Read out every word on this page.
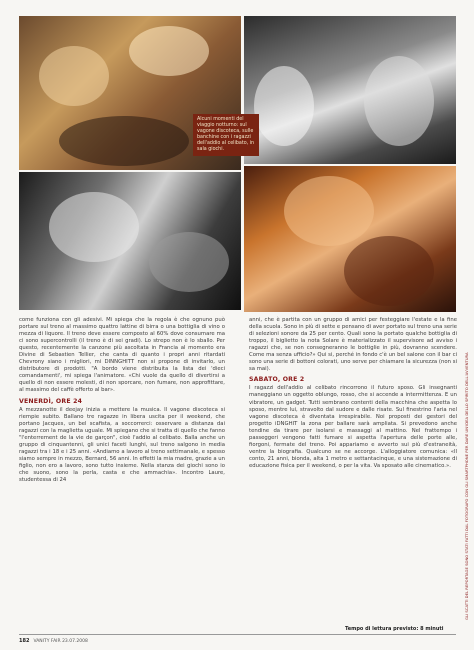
Alcuni momenti del viaggio notturno: sul vagone discoteca, sulle banchine con i ragazzi dell'addio al celibato, in sala giochi.

come funziona con gli adesivi. Mi spiega che la regola è che ognuno può portare sul treno al massimo quattro lattine di birra o una bottiglia di vino o mezza di liquore. Il treno deve essere composto al 60% dove consumare ma ci sono supercontrolli (il treno è di sei gradi). Lo strepo non è lo sballo. Per questo, recentemente la canzone più ascoltata in Francia al momento era Divine di Sebastien Tellier, che canta di quanto i propri anni ritardati Chevrony siano i migliori, mi DINNGHITT non si propone di invitarlo, un distributore di prodotti. "A bordo viene distribuita la lista dei 'dieci comandamenti', mi spiega l'animatore. «Chi vuole da quello di divertirsi a quello di non essere molesti, di non sporcare, non fumare, non approfittare, al massimo del caffè offerto al bar».

VENERDÌ, ORE 24

A mezzanotte il deejay inizia a mettere la musica. Il vagone discoteca si riempie subito. Ballano tre ragazze in libera uscita per il weekend, che portano Jacques, un bel scafista, a soccorrerci: osservare a distanza dai ragazzi con la maglietta uguale. Mi spiegano che si tratta di quello che fanno "l'enterrement de la vie de garçon", cioè l'addio al celibato. Balla anche un gruppo di cinquantenni, gli unici faceti lunghi, sul treno salgono in media ragazzi tra i 18 e i 25 anni. «Andiamo a lavoro al treno settimanale, e spesso siamo sempre in mezzo, Bernard, 56 anni. In effetti la mia madre, grazie a un figlio, non ero a lavoro, sono tutto insieme. Nella stanza dei giochi sono io che suono, sono la perla, casta e che ammachia». Incontro Laure, studentessa di 24

anni, che è partita con un gruppo di amici per festeggiare l'estate e la fine della scuola. Sono in più di sette e pensano di aver portato sul treno una serie di selezioni sonore da 25 per cento. Quali sono la portato qualche bottiglia di troppo, il biglietto la nota Solare è materializzato il supervisore ad avviso i ragazzi che, se non consegneranno le bottiglie in più, dovranno scendere. Come ma senza ufficio?» Qui si, perché in fondo c'è un bel salone con il bar ci sono una serie di bottoni colorati, uno serve per chiamare la sicurezza (non si sa mai).

SABATO, ORE 2

I ragazzi dell'addio al celibato rincorrono il futuro sposo. Gli insegnanti maneggiano un oggetto oblungo, rosso, che si accende a intermittenza. E un vibratore, un gadget. Tutti sembrano contenti della macchina che aspetta lo sposo, mentre lui, stravolto dal sudore e dalle risate. Sul finestrino l'aria nel vagone discoteca è diventata irrespirabile. Noi proposti dei gestori del progetto iDNGHIT la zona per ballare sarà ampliata. Si prevedono anche tendine da tirare per isolarsi e massaggi al mattino. Nel frattempo i passeggeri vengono fatti fumare si aspetta l'apertura delle porte alle, fiorgoni, fermate del treno. Poi appariamo e avverto sui più d'estraneità, ventre la biografia. Qualcuno se ne accorge. L'alloggiatore comunica: «Il conto, 21 anni, bionda, alta 1 metro e settantacinque, e una sistemazione di educazione fisica per il weekend, o per la vita. Va sposato alle cinematico.».

Tempo di lettura previsto: 8 minuti
182 VANITY FAIR 23.07.2008
GLI SCATTI DEL REPORTAGE SONO STATI FATTI DAL FOTOGRAFO CON GLI SMARTPHONE PER DARE UN'IDEA DELLO SPIRITO DELL'AVVENTURA
